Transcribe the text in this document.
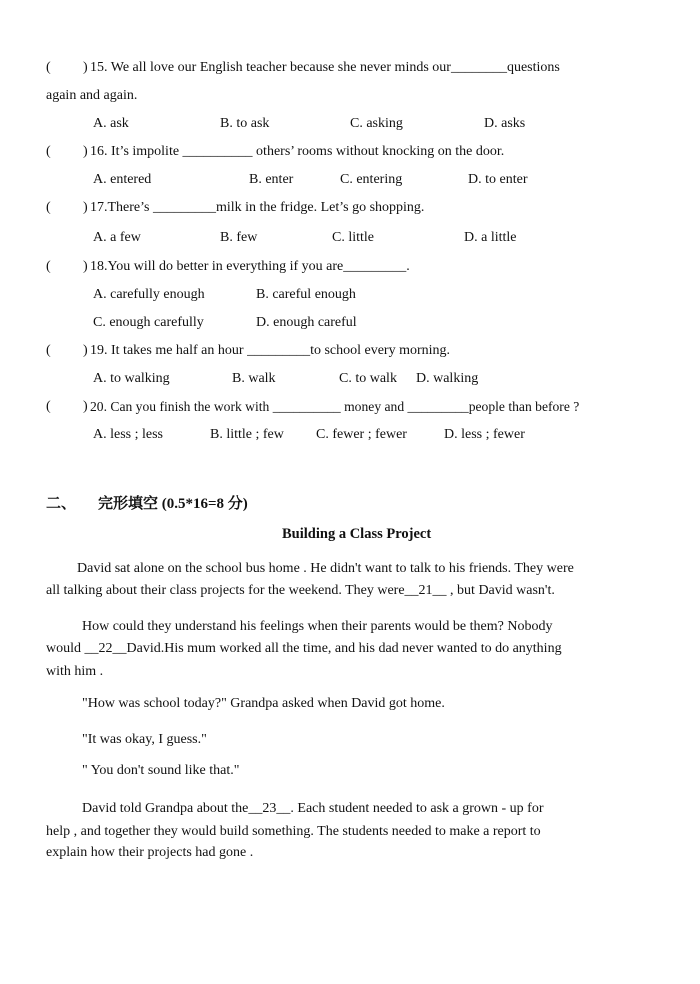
( ) 15. We all love our English teacher because she never minds our________questions
again and again.
A. ask	B. to ask	C. asking	D. asks
( ) 16. It’s impolite __________ others’ rooms without knocking on the door.
A. entered	B. enter	C. entering	D. to enter
( ) 17.There’s _________milk in the fridge. Let’s go shopping.
A. a few	B. few	C. little	D. a little
( ) 18.You will do better in everything if you are_________.
A. carefully enough	B. careful enough
C. enough carefully	D. enough careful
( ) 19. It takes me half an hour _________to school every morning.
A. to walking	B. walk	C. to walk D. walking
( ) 20. Can you finish the work with __________ money and _________people than before ?
A. less ; less	B. little ; few C. fewer ; fewer	D. less ; fewer
二、 完形填空 (0.5*16=8 分)
Building a Class Project
David sat alone on the school bus home . He didn't want to talk to his friends. They were
all talking about their class projects for the weekend. They were__21__ , but David wasn't.
How could they understand his feelings when their parents would be them? Nobody
would __22__David.His mum worked all the time, and his dad never wanted to do anything
with him .
"How was school today?" Grandpa asked when David got home.
"It was okay, I guess."
" You don't sound like that."
David told Grandpa about the__23__. Each student needed to ask a grown - up for
help , and together they would build something. The students needed to make a report to
explain how their projects had gone .
